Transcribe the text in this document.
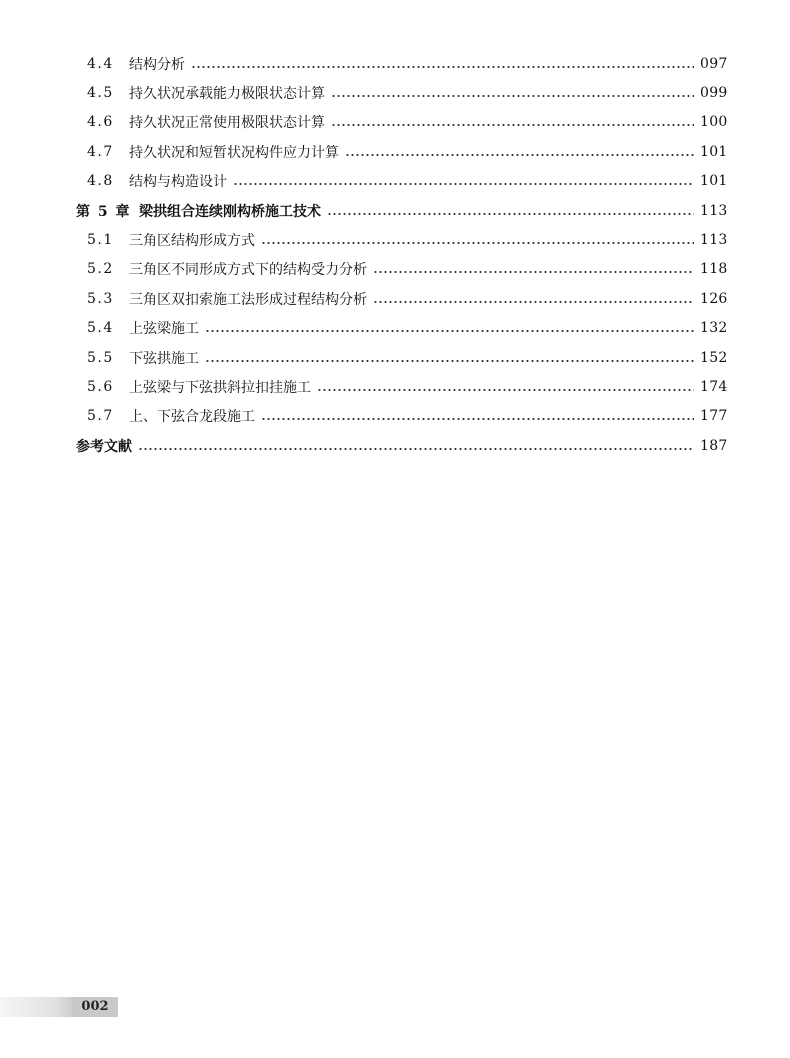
4.4	结构分析	097
4.5	持久状况承载能力极限状态计算	099
4.6	持久状况正常使用极限状态计算	100
4.7	持久状况和短暂状况构件应力计算	101
4.8	结构与构造设计	101
第 5 章 梁拱组合连续刚构桥施工技术	113
5.1	三角区结构形成方式	113
5.2	三角区不同形成方式下的结构受力分析	118
5.3	三角区双扣索施工法形成过程结构分析	126
5.4	上弦梁施工	132
5.5	下弦拱施工	152
5.6	上弦梁与下弦拱斜拉扣挂施工	174
5.7	上、下弦合龙段施工	177
参考文献	187
002
